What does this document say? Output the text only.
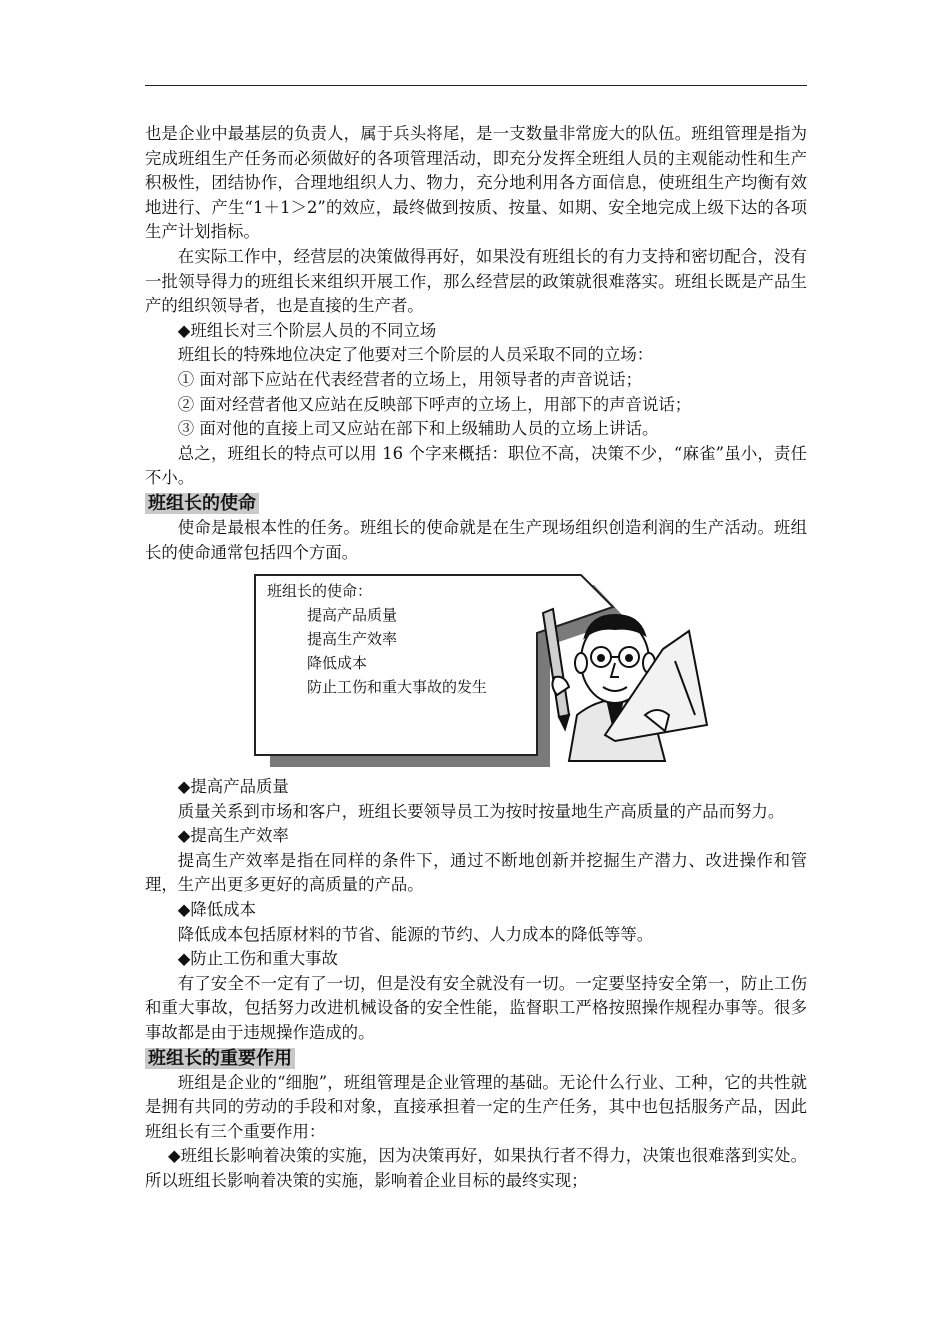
也是企业中最基层的负责人，属于兵头将尾，是一支数量非常庞大的队伍。班组管理是指为完成班组生产任务而必须做好的各项管理活动，即充分发挥全班组人员的主观能动性和生产积极性，团结协作，合理地组织人力、物力，充分地利用各方面信息，使班组生产均衡有效地进行、产生“1＋1＞2”的效应，最终做到按质、按量、如期、安全地完成上级下达的各项生产计划指标。

在实际工作中，经营层的决策做得再好，如果没有班组长的有力支持和密切配合，没有一批领导得力的班组长来组织开展工作，那么经营层的政策就很难落实。班组长既是产品生产的组织领导者，也是直接的生产者。

◆班组长对三个阶层人员的不同立场

班组长的特殊地位决定了他要对三个阶层的人员采取不同的立场：

① 面对部下应站在代表经营者的立场上，用领导者的声音说话；

② 面对经营者他又应站在反映部下呼声的立场上，用部下的声音说话；

③ 面对他的直接上司又应站在部下和上级辅助人员的立场上讲话。

总之，班组长的特点可以用 16 个字来概括：职位不高，决策不少，“麻雀”虽小，责任不小。

班组长的使命

使命是最根本性的任务。班组长的使命就是在生产现场组织创造利润的生产活动。班组长的使命通常包括四个方面。

班组长的使命：
提高产品质量
提高生产效率
降低成本
防止工伤和重大事故的发生

◆提高产品质量

质量关系到市场和客户，班组长要领导员工为按时按量地生产高质量的产品而努力。

◆提高生产效率

提高生产效率是指在同样的条件下，通过不断地创新并挖掘生产潜力、改进操作和管理，生产出更多更好的高质量的产品。

◆降低成本

降低成本包括原材料的节省、能源的节约、人力成本的降低等等。

◆防止工伤和重大事故

有了安全不一定有了一切，但是没有安全就没有一切。一定要坚持安全第一，防止工伤和重大事故，包括努力改进机械设备的安全性能，监督职工严格按照操作规程办事等。很多事故都是由于违规操作造成的。

班组长的重要作用

班组是企业的“细胞”，班组管理是企业管理的基础。无论什么行业、工种，它的共性就是拥有共同的劳动的手段和对象，直接承担着一定的生产任务，其中也包括服务产品，因此班组长有三个重要作用：

◆班组长影响着决策的实施，因为决策再好，如果执行者不得力，决策也很难落到实处。所以班组长影响着决策的实施，影响着企业目标的最终实现；
